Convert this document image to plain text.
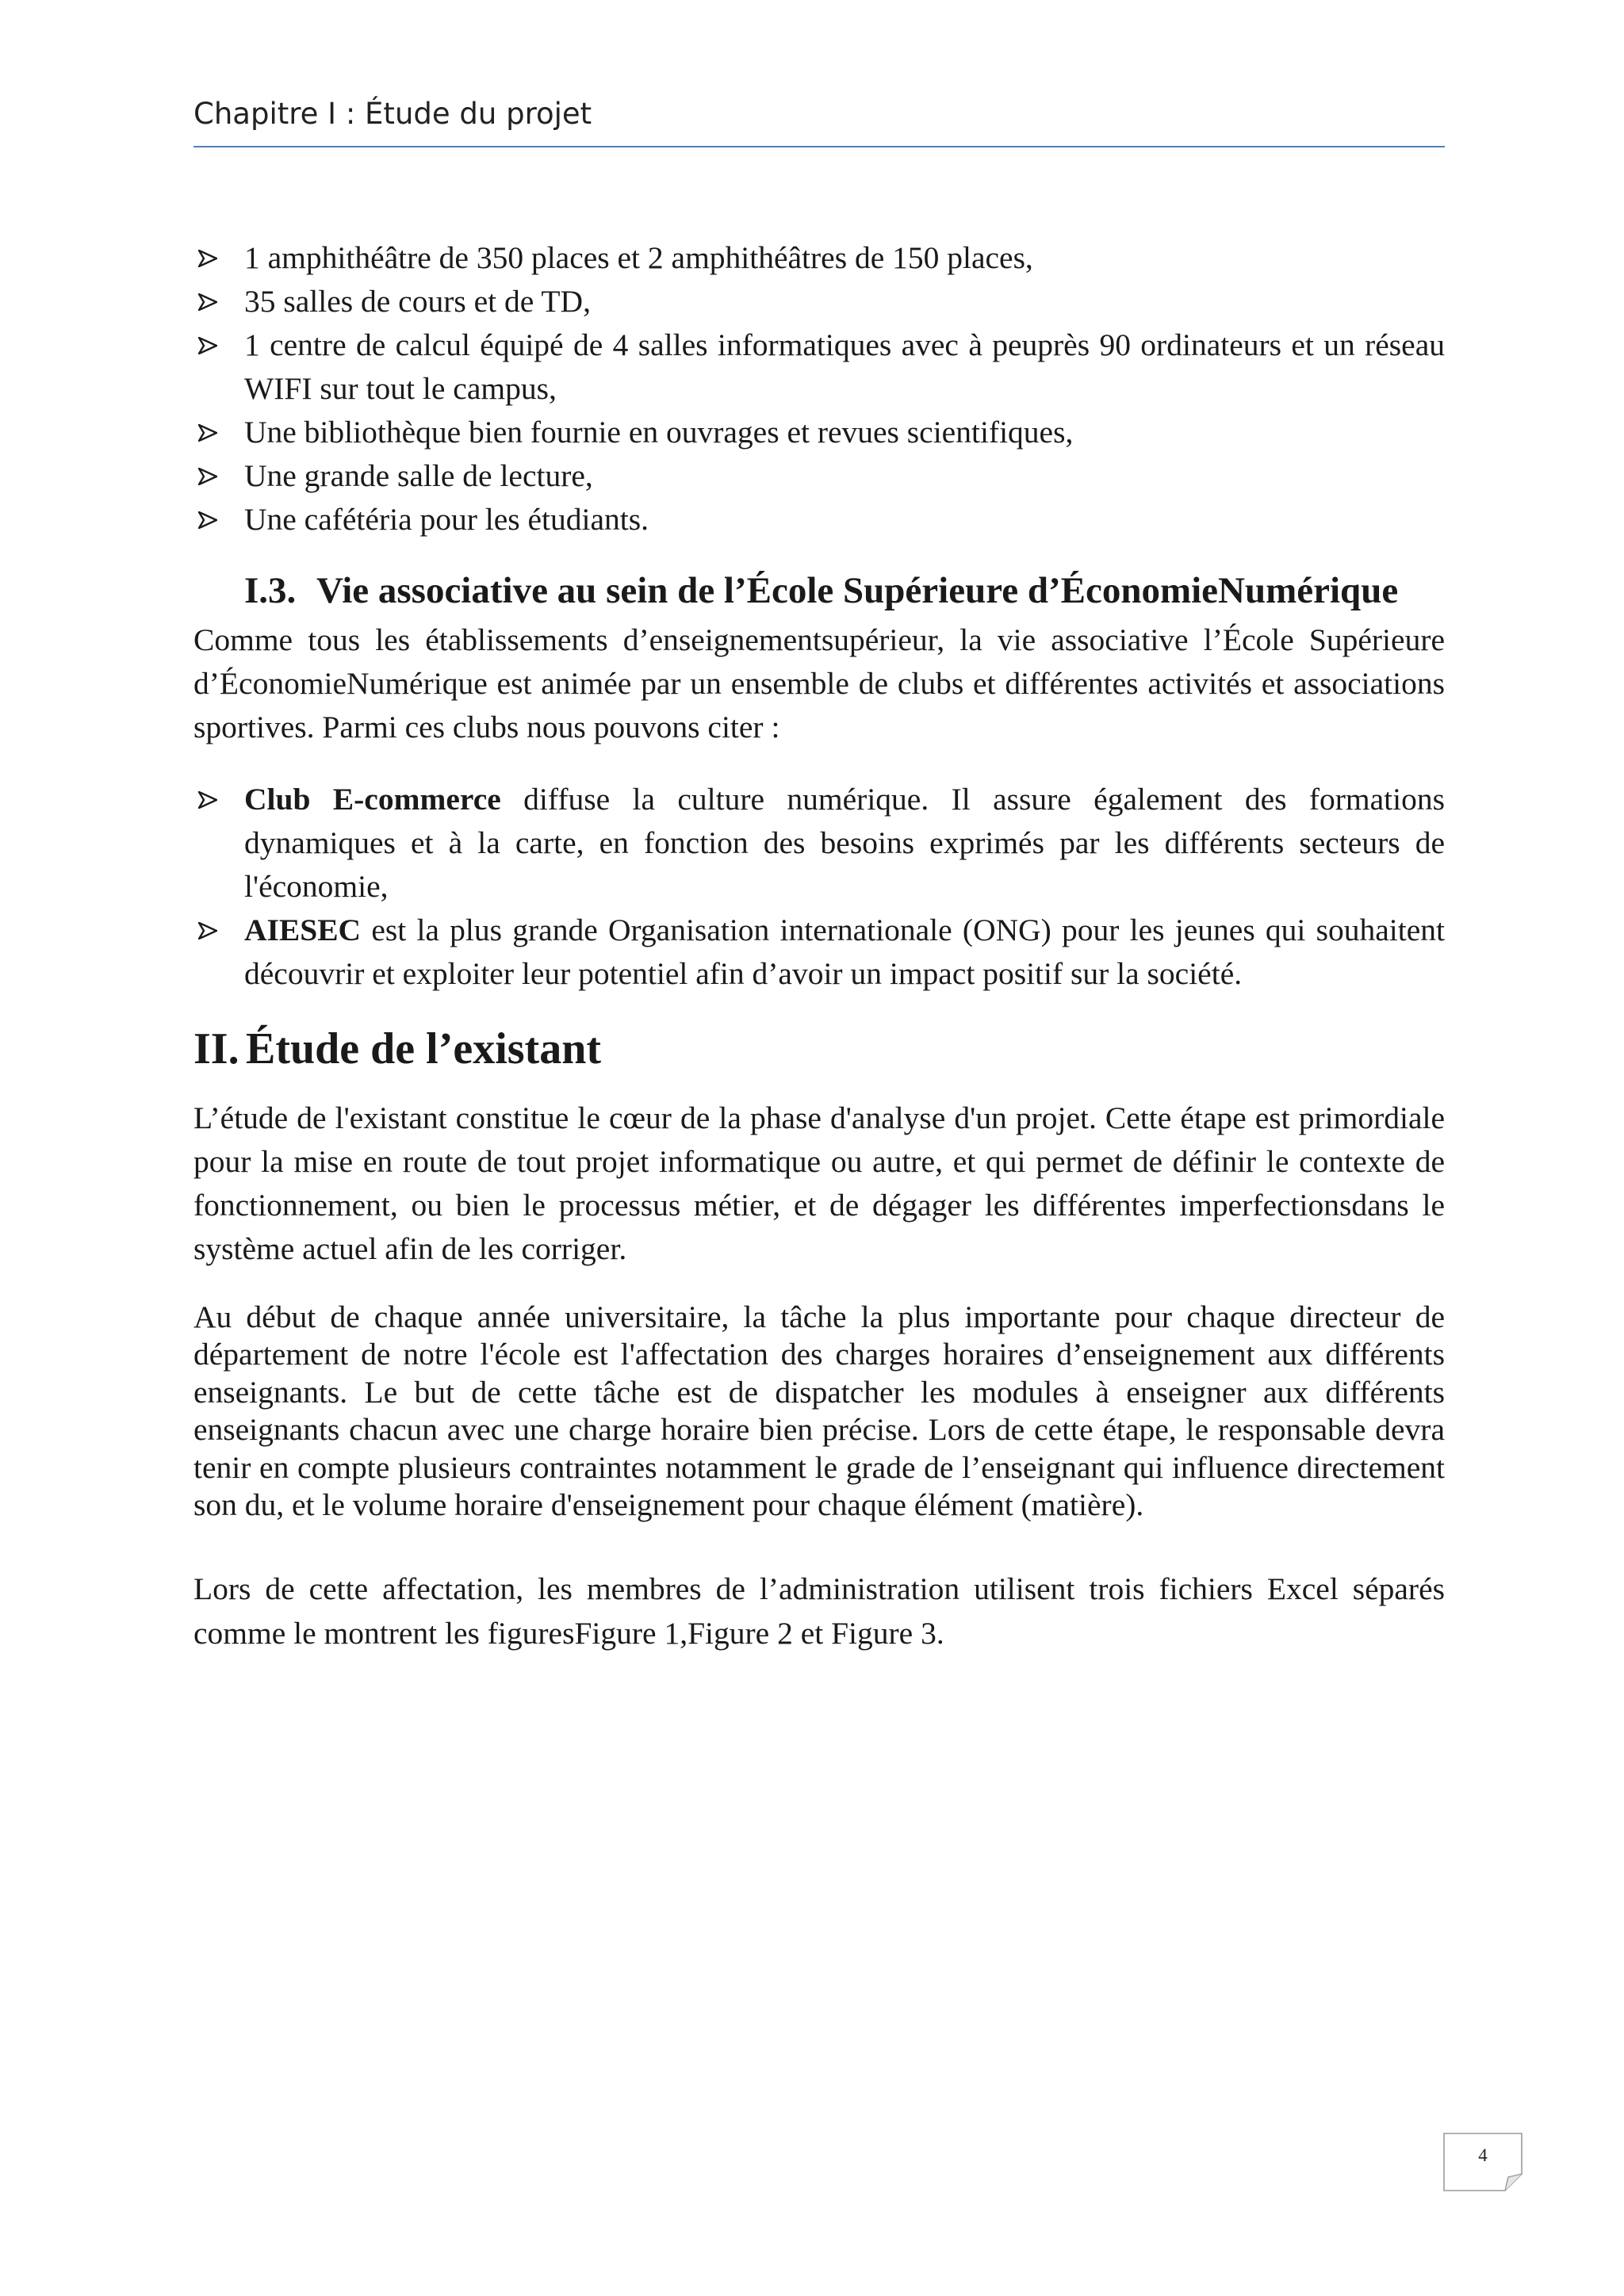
Chapitre I : Étude du projet
1 amphithéâtre de 350 places et 2 amphithéâtres de 150 places,
35 salles de cours et de TD,
1 centre de calcul équipé de 4 salles informatiques avec à peuprès 90 ordinateurs et un réseau WIFI sur tout le campus,
Une bibliothèque bien fournie en ouvrages et revues scientifiques,
Une grande salle de lecture,
Une cafétéria pour les étudiants.
I.3. Vie associative au sein de l’École Supérieure d’ÉconomieNumérique
Comme tous les établissements d’enseignementsupérieur, la vie associative l’École Supérieure d’ÉconomieNumérique est animée par un ensemble de clubs et différentes activités et associations sportives. Parmi ces clubs nous pouvons citer :
Club E-commerce diffuse la culture numérique. Il assure également des formations dynamiques et à la carte, en fonction des besoins exprimés par les différents secteurs de l'économie,
AIESEC est la plus grande Organisation internationale (ONG) pour les jeunes qui souhaitent découvrir et exploiter leur potentiel afin d’avoir un impact positif sur la société.
II. Étude de l’existant
L’étude de l'existant constitue le cœur de la phase d'analyse d'un projet. Cette étape est primordiale pour la mise en route de tout projet informatique ou autre, et qui permet de définir le contexte de fonctionnement, ou bien le processus métier, et de dégager les différentes imperfectionsdans le système actuel afin de les corriger.
Au début de chaque année universitaire, la tâche la plus importante pour chaque directeur de département de notre l'école est l'affectation des charges horaires d’enseignement aux différents enseignants. Le but de cette tâche est de dispatcher les modules à enseigner aux différents enseignants chacun avec une charge horaire bien précise. Lors de cette étape, le responsable devra tenir en compte plusieurs contraintes notamment le grade de l’enseignant qui influence directement son du, et le volume horaire d'enseignement pour chaque élément (matière).
Lors de cette affectation, les membres de l’administration utilisent trois fichiers Excel séparés comme le montrent les figuresFigure 1,Figure 2 et Figure 3.
4
